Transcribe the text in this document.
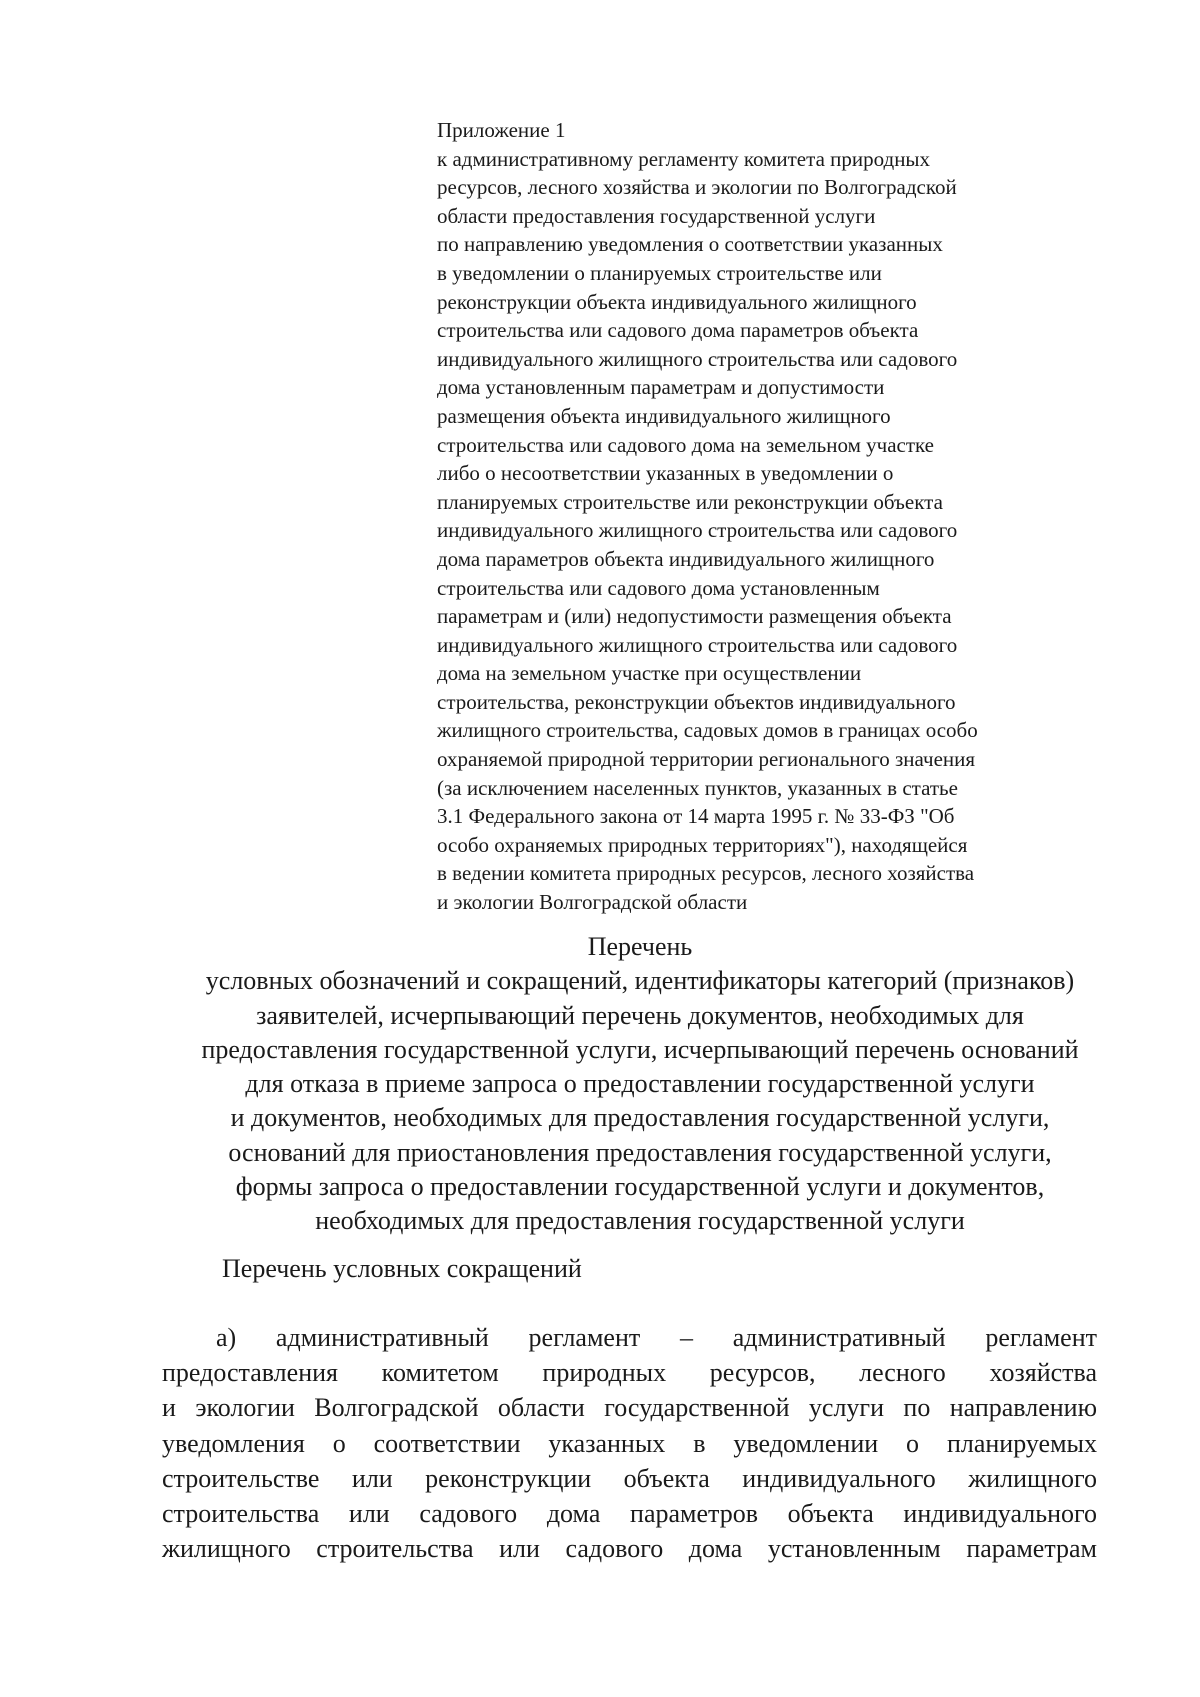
Приложение 1
к административному регламенту комитета природных
ресурсов, лесного хозяйства и экологии по Волгоградской
области предоставления государственной услуги
по направлению уведомления о соответствии указанных
в уведомлении о планируемых строительстве или
реконструкции объекта индивидуального жилищного
строительства или садового дома параметров объекта
индивидуального жилищного строительства или садового
дома установленным параметрам и допустимости
размещения объекта индивидуального жилищного
строительства или садового дома на земельном участке
либо о несоответствии указанных в уведомлении о
планируемых строительстве или реконструкции объекта
индивидуального жилищного строительства или садового
дома параметров объекта индивидуального жилищного
строительства или садового дома установленным
параметрам и (или) недопустимости размещения объекта
индивидуального жилищного строительства или садового
дома на земельном участке при осуществлении
строительства, реконструкции объектов индивидуального
жилищного строительства, садовых домов в границах особо
охраняемой природной территории регионального значения
(за исключением населенных пунктов, указанных в статье
3.1 Федерального закона от 14 марта 1995 г. № 33-ФЗ "Об
особо охраняемых природных территориях"), находящейся
в ведении комитета природных ресурсов, лесного хозяйства
и экологии Волгоградской области
Перечень
условных обозначений и сокращений, идентификаторы категорий (признаков)
заявителей, исчерпывающий перечень документов, необходимых для
предоставления государственной услуги, исчерпывающий перечень оснований
для отказа в приеме запроса о предоставлении государственной услуги
и документов, необходимых для предоставления государственной услуги,
оснований для приостановления предоставления государственной услуги,
формы запроса о предоставлении государственной услуги и документов,
необходимых для предоставления государственной услуги
Перечень условных сокращений
а) административный регламент – административный регламент
предоставления комитетом природных ресурсов, лесного хозяйства
и экологии Волгоградской области государственной услуги по направлению
уведомления о соответствии указанных в уведомлении о планируемых
строительстве или реконструкции объекта индивидуального жилищного
строительства или садового дома параметров объекта индивидуального
жилищного строительства или садового дома установленным параметрам
